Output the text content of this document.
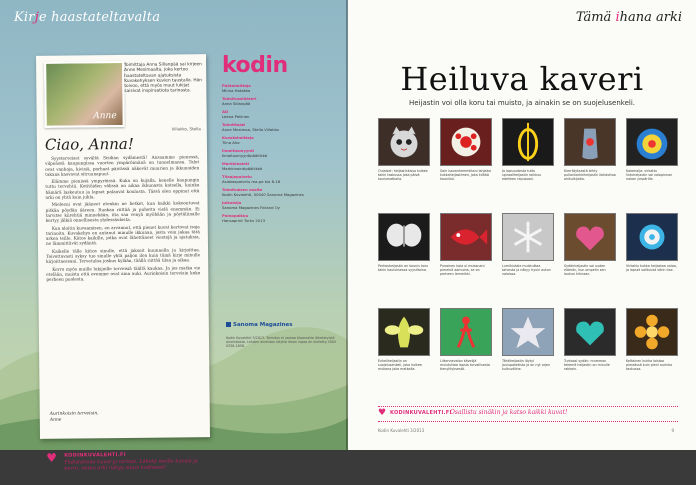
Kirje haastateltavalta
Anne
Toimittaja Anna Sillanpää sai kirjeen Anne Mesimaalta, joka kertoo haastateltavan ajatuksista Kuvakehyksen kuvien taustalla. Hän toivoo, että myös muut lukijat saisivat inspiraatiota tarinasta.
Villakko, Stella
Ciao, Anna!

Syysterveiset syvältä Sisilian sydämestä! Ansaamme pienessä, vilpeässä kaupungissa vuorten ympäröimänä on tunnelmansa. Talot ovat vanhoja, kivisiä, parhaat päivässä näkevät muurien ja ikkunoiden takana kasvavat sitruunapuut.

Elämme pienissä ympyröissä. Kuka on kujalla, kenelle kaupungin tuttu tervehtii. Kotitöiden välissä on aikaa ikkunasta katsella, kuinka hämärä laskeutuu ja lapset palaavat koulusta. Tässä olen oppinut että arki on yhtä kuin juhla.

Mieleeni ovat jääneet etenkin ne hetket, kun kaikki kokoontuvat pitkän pöydän ääreen. Ruokaa riittää ja puhetta vielä enemmän. Ei tarvitse kiirehtiä minnekään, ilta saa venyä myöhään ja pöytäliinalle kertyy jälkiä onnellisesta yhdessäolosta.

Kun aloitin kuvaamisen, en arvannut, että pienet kuvat kertovat isoja tarinoita. Kuvakehys on antanut minulle ikkunan, josta voin jakaa tätä arkea teille. Kiitos kaikille, jotka ovat lähettäneet viestejä ja ajatuksia, ne lämmittävät sydäntä.

Kaikelle tälle kiitos sinulle, että jaksoit kuunnella ja kirjoittaa. Toivottavasti syksy tuo sinulle yhtä paljon iloa kuin tämä kirje minulle kirjoittaessani. Tervetuloa joskus kylään, täällä riittää tilaa ja aikaa.

Kerro myös muille lukijoille terveisiä täältä kaukaa. Ja jos matka vie etelään, muista että ovemme ovat aina auki. Aurinkoisin terveisin koko perheen puolesta.

Aurinkoisin terveisin,
Anne
♥ KODINKUVALEHTI.FI
Yhdistämme kuvat ja tarinat. Lähetä meille kuvasi ja kerro, miten arki näkyy sinun kodissasi!
kodin
Päätoimittaja
Minna Hatakka
Toimitussihteeri
Anna Sillanpää
AD
Leena Pellinen
Toimittajat
Anne Mesimaa, Stella Villakko
Kuvatoimittaja
Tiina Aho
Ilmoitusmyynti
Ilmoitusmyyntipäällikkö
Markkinointi
Markkinointipäällikkö
Tilaajapalvelu
Asiakaspalvelu ma-pe klo 8-18
Toimituksen osoite
Kodin Kuvalehti, 00040 Sanoma Magazines
Julkaisija
Sanoma Magazines Finland Oy
Painopaikka
Hansaprint Turku 2013
Sanoma Magazines
Kodin Kuvalehti 3/2013. Toimitus ei vastaa tilaamatta lähetetyistä aineistoista. Lehden aineiston käyttö ilman lupaa on kielletty. ISSN 0356-1658.
Tämä ihana arki
Heiluva kaveri
Heijastin voi olla koru tai muisto, ja ainakin se on suojelusenkeli.
Oulaiset: heijastinkissa kulkee takin taskussa joka päivä koulumatkalla.
Sain isovanhemmiltani lahjaksi kukkaheijastimen, joka kiiltää kauniisti.
Jo lapsuudesta tuttu spiraaliheijastin roikkuu edelleen repussani.
Kierrätyksestä tehty pullonkorkkiheijastin ilahduttaa ohikulkijoita.
Kalamaija: virkattu lintuheijastin sai valopinnan nokan ympärille.
Perhosheijastin on kaunis koru takin kauluksessa syysiltoina.
Punainen kala ui mukanani pimeinä aamuina, se on perheen lemmikki.
Lumihiutale muistuttaa talvesta ja näkyy hyvin auton valoissa.
Sydänheijastin sai uuden elämän, kun ompelin sen laukun hihnaan.
Virkattu kukka heijastaa valoa, ja lapset valitsivat värin itse.
Enkeliheijastin on suojelusenkeli, joka kulkee mukana joka matkalla.
Liikennevalon kävelijä muistuttaa lapsia turvallisesta tienylityksestä.
Tähtiheijastin löytyi joulupaketista ja on nyt arjen kulkuväline.
Turkoosi sydän: mummon tekemä heijastin on minulle rakkain.
Keltainen kukka loistaa pimeässä kuin pieni aurinko taskussa.
♥ KODINKUVALEHTI.FI
Osallistu sinäkin ja katso kaikki kuvat!
Kodin Kuvalehti 3/2013	9
